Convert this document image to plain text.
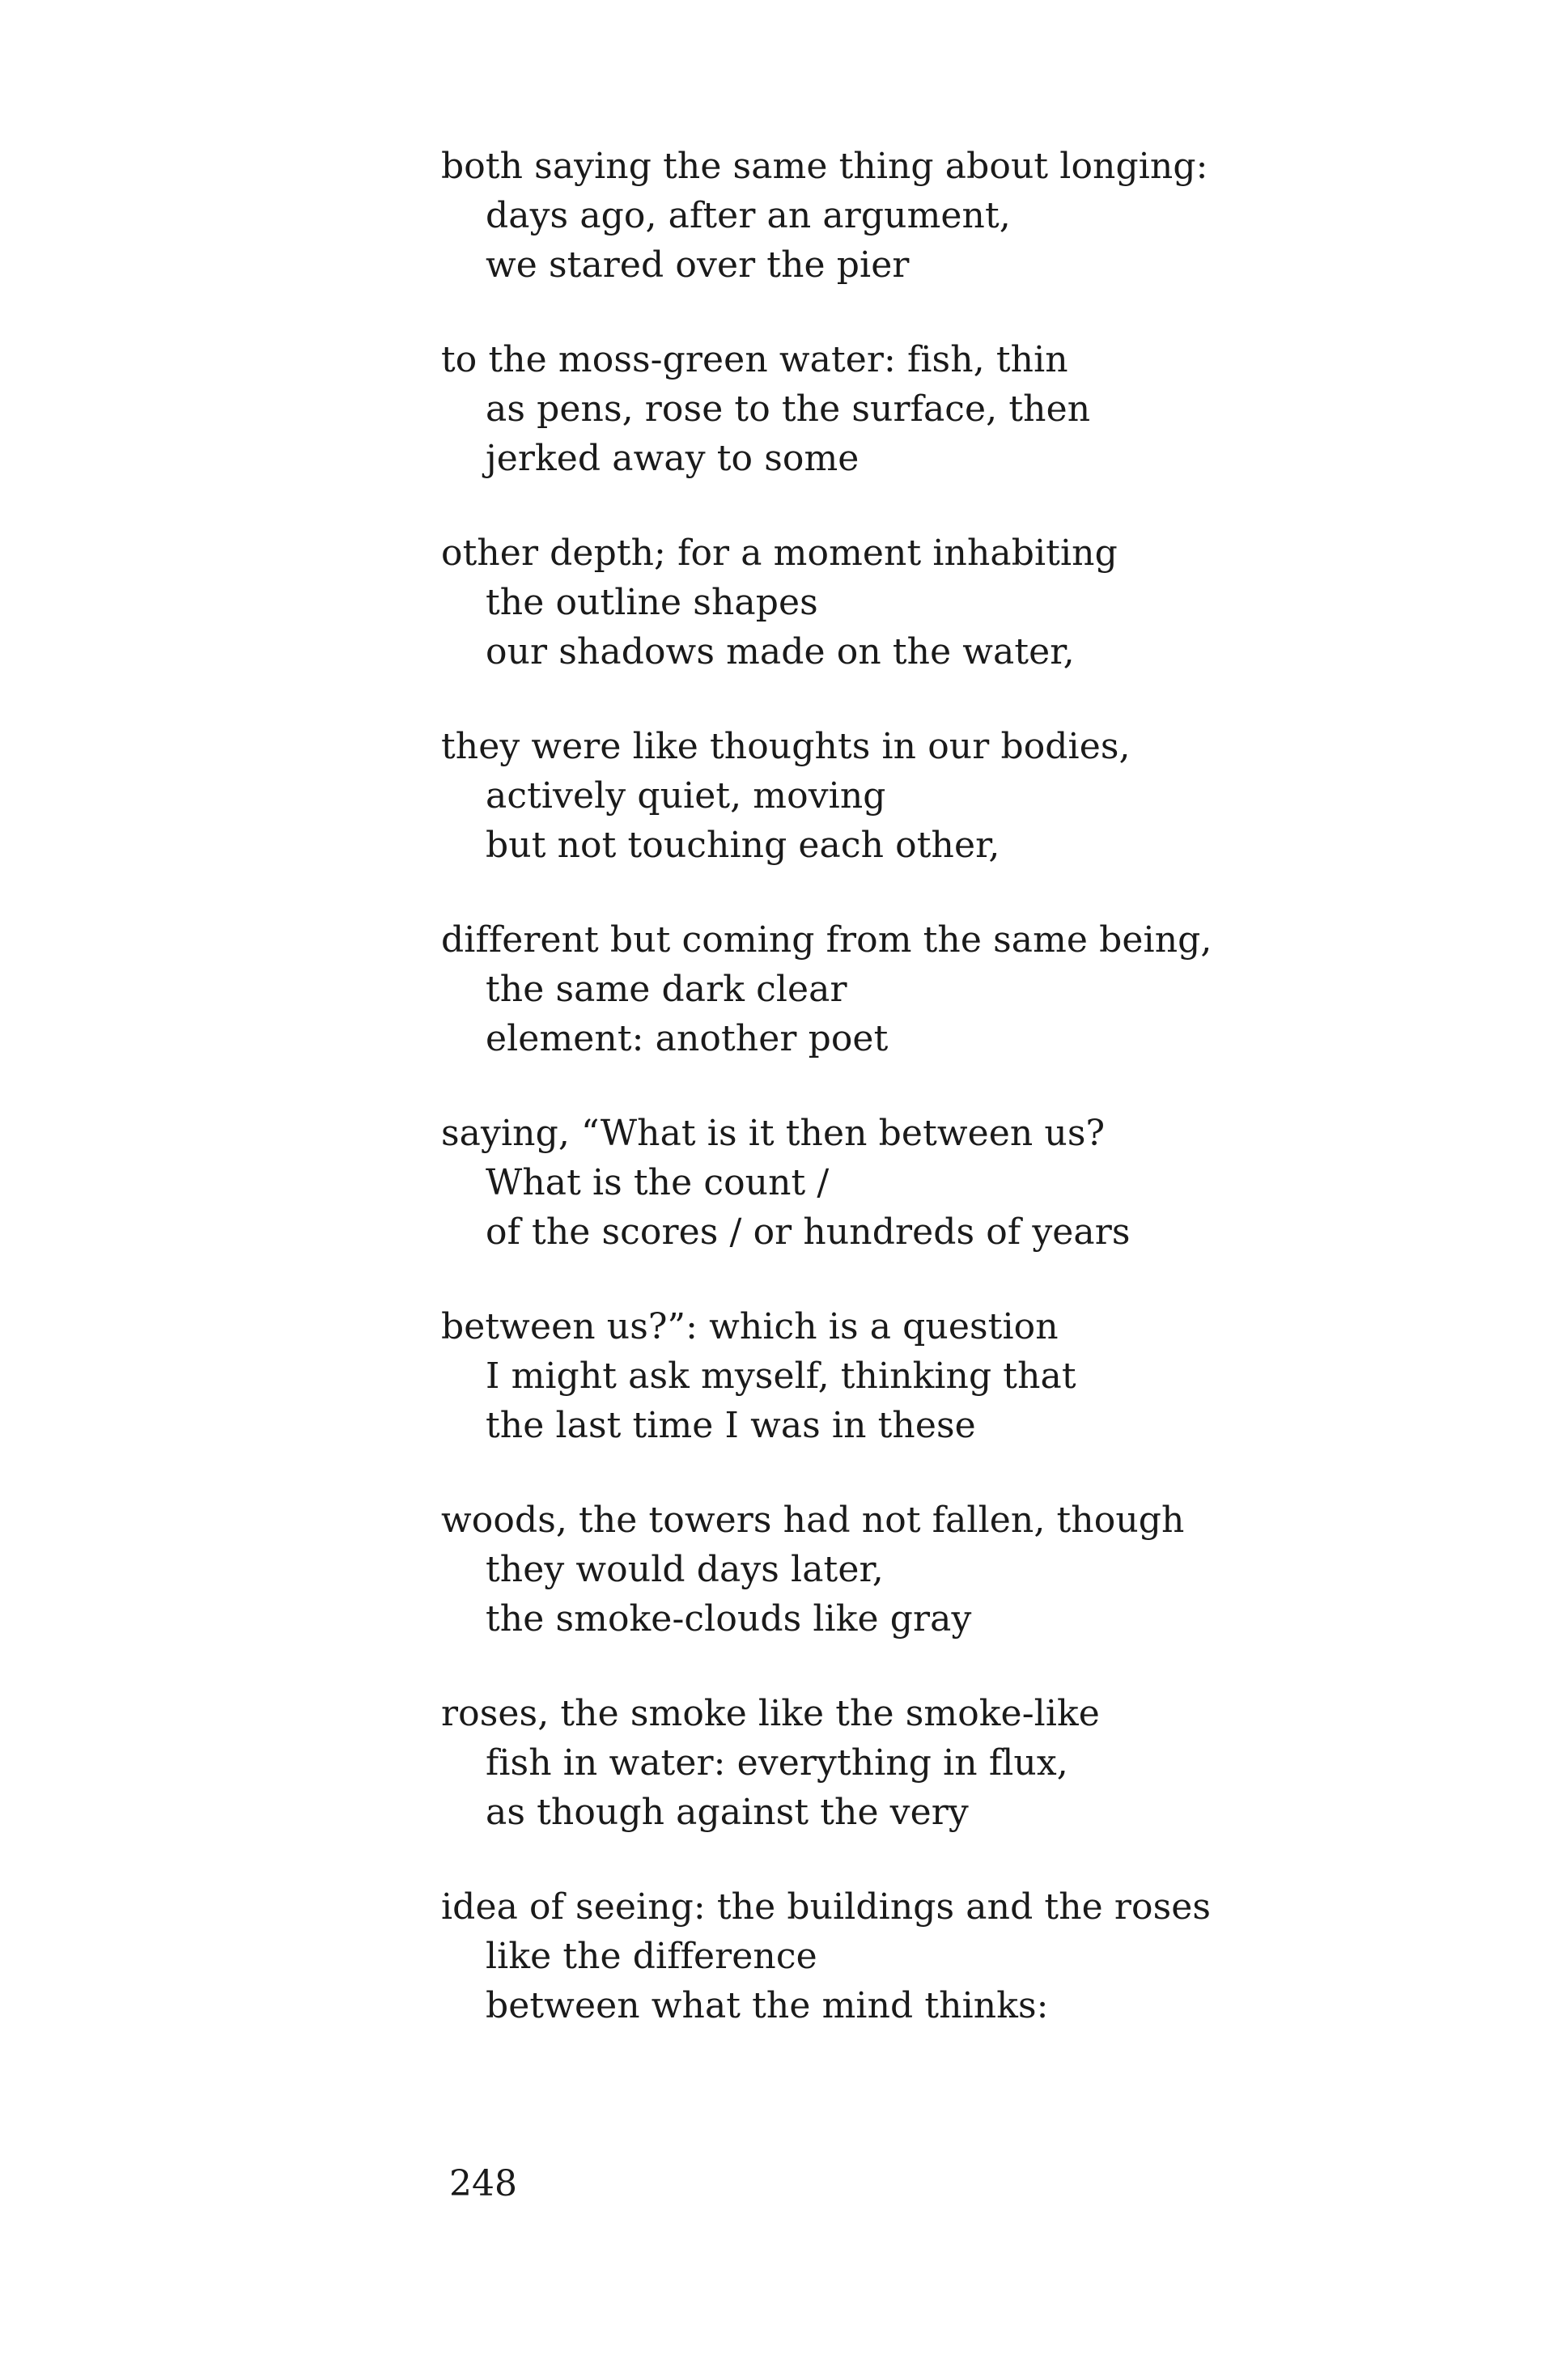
both saying the same thing about longing:
days ago, after an argument,
we stared over the pier
to the moss-green water: fish, thin
as pens, rose to the surface, then
jerked away to some
other depth; for a moment inhabiting
the outline shapes
our shadows made on the water,
they were like thoughts in our bodies,
actively quiet, moving
but not touching each other,
different but coming from the same being,
the same dark clear
element: another poet
saying, “What is it then between us?
What is the count /
of the scores / or hundreds of years
between us?”: which is a question
I might ask myself, thinking that
the last time I was in these
woods, the towers had not fallen, though
they would days later,
the smoke-clouds like gray
roses, the smoke like the smoke-like
fish in water: everything in flux,
as though against the very
idea of seeing: the buildings and the roses
like the difference
between what the mind thinks:
248
